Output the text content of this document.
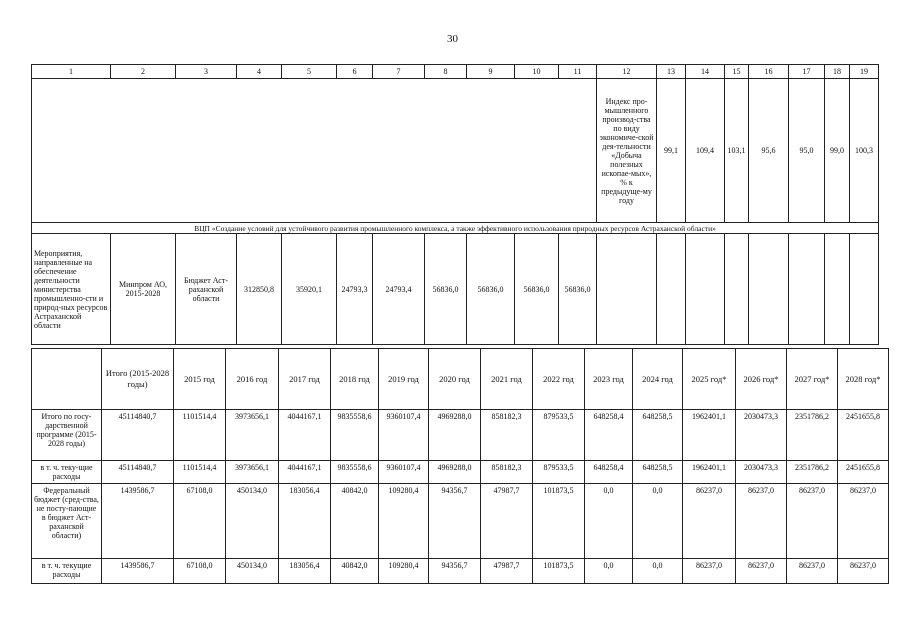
30
1	2	3	4	5	6	7	8	9	10	11	12	13	14	15	16	17	18	19
											Индекс про-мышленного производ-ства по виду экономиче-ской дея-тельности «Добыча полезных ископае-мых», % к предыдуще-му году	99,1	109,4	103,1	95,6	95,0	99,0	100,3
ВЦП «Создание условий для устойчивого развития промышленного комплекса, а также эффективного использования природных ресурсов Астраханской области»																		
Мероприятия, направленные на обеспечение деятельности министерства промышленно-сти и природ-ных ресурсов Астраханской области	Минпром АО, 2015-2028	Бюджет Аст-раханской области	312850,8	35920,1	24793,3	24793,4	56836,0	56836,0	56836,0	56836,0								
	Итого (2015-2028 годы)	2015 год	2016 год	2017 год	2018 год	2019 год	2020 год	2021 год	2022 год	2023 год	2024 год	2025 год*	2026 год*	2027 год*	2028 год*
Итого по госу-дарственной программе (2015-2028 годы)	45114840,7	1101514,4	3973656,1	4044167,1	9835558,6	9360107,4	4969288,0	858182,3	879533,5	648258,4	648258,5	1962401,1	2030473,3	2351786,2	2451655,8
в т. ч. теку-щие расходы	45114840,7	1101514,4	3973656,1	4044167,1	9835558,6	9360107,4	4969288,0	858182,3	879533,5	648258,4	648258,5	1962401,1	2030473,3	2351786,2	2451655,8
Федеральный бюджет (сред-ства, не посту-пающие в бюджет Аст-раханской области)	1439586,7	67108,0	450134,0	183056,4	40842,0	109280,4	94356,7	47987,7	101873,5	0,0	0,0	86237,0	86237,0	86237,0	86237,0
в т. ч. текущие расходы	1439586,7	67108,0	450134,0	183056,4	40842,0	109280,4	94356,7	47987,7	101873,5	0,0	0,0	86237,0	86237,0	86237,0	86237,0
